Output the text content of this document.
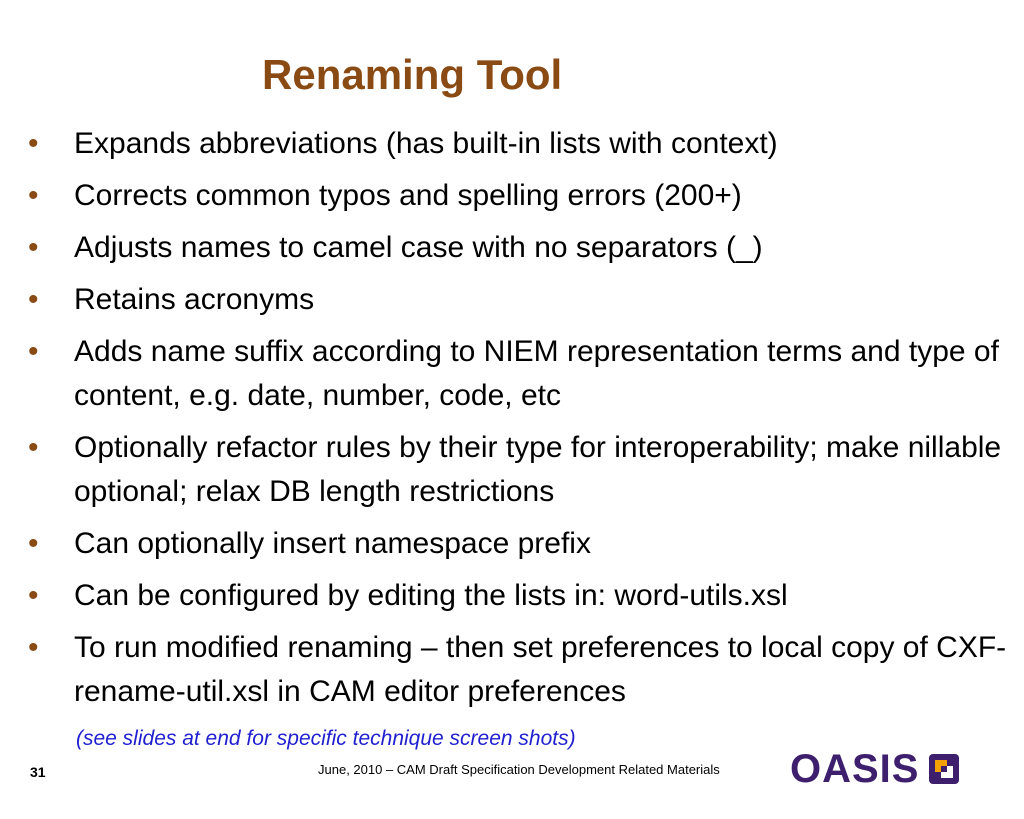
Renaming Tool
•	Expands abbreviations (has built-in lists with context)
•	Corrects common typos and spelling errors (200+)
•	Adjusts names to camel case with no separators (_)
•	Retains acronyms
•	Adds name suffix according to NIEM representation terms and type of content, e.g. date, number, code, etc
•	Optionally refactor rules by their type for interoperability; make nillable optional; relax DB length restrictions
•	Can optionally insert namespace prefix
•	Can be configured by editing the lists in: word-utils.xsl
•	To run modified renaming – then set preferences to local copy of CXF-rename-util.xsl in CAM editor preferences
(see slides at end for specific technique screen shots)
31	June, 2010 – CAM Draft Specification Development Related Materials OASIS
